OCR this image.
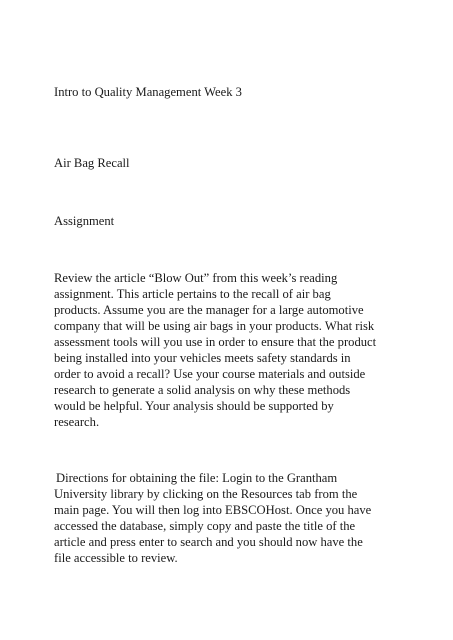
Intro to Quality Management Week 3
Air Bag Recall
Assignment
Review the article “Blow Out” from this week’s reading
assignment. This article pertains to the recall of air bag
products. Assume you are the manager for a large automotive
company that will be using air bags in your products. What risk
assessment tools will you use in order to ensure that the product
being installed into your vehicles meets safety standards in
order to avoid a recall? Use your course materials and outside
research to generate a solid analysis on why these methods
would be helpful. Your analysis should be supported by
research.
Directions for obtaining the file: Login to the Grantham
University library by clicking on the Resources tab from the
main page. You will then log into EBSCOHost. Once you have
accessed the database, simply copy and paste the title of the
article and press enter to search and you should now have the
file accessible to review.
